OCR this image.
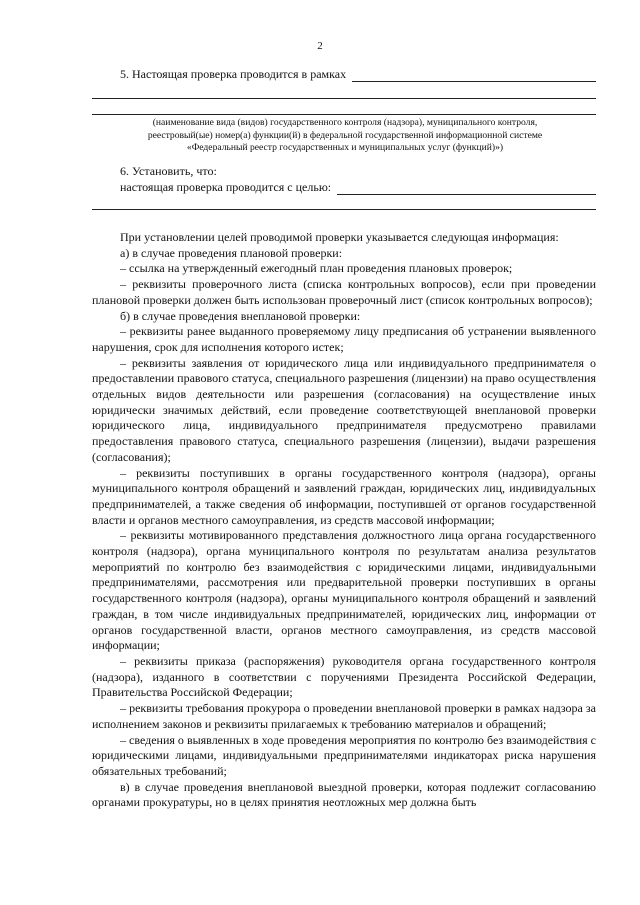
2
5. Настоящая проверка проводится в рамках
(наименование вида (видов) государственного контроля (надзора), муниципального контроля,
реестровый(ые) номер(а) функции(й) в федеральной государственной информационной системе
«Федеральный реестр государственных и муниципальных услуг (функций)»)
6. Установить, что:
настоящая проверка проводится с целью:

При установлении целей проводимой проверки указывается следующая информация:

а) в случае проведения плановой проверки:

– ссылка на утвержденный ежегодный план проведения плановых проверок;

– реквизиты проверочного листа (списка контрольных вопросов), если при проведении плановой проверки должен быть использован проверочный лист (список контрольных вопросов);

б) в случае проведения внеплановой проверки:

– реквизиты ранее выданного проверяемому лицу предписания об устранении выявленного нарушения, срок для исполнения которого истек;

– реквизиты заявления от юридического лица или индивидуального предпринимателя о предоставлении правового статуса, специального разрешения (лицензии) на право осуществления отдельных видов деятельности или разрешения (согласования) на осуществление иных юридически значимых действий, если проведение соответствующей внеплановой проверки юридического лица, индивидуального предпринимателя предусмотрено правилами предоставления правового статуса, специального разрешения (лицензии), выдачи разрешения (согласования);

– реквизиты поступивших в органы государственного контроля (надзора), органы муниципального контроля обращений и заявлений граждан, юридических лиц, индивидуальных предпринимателей, а также сведения об информации, поступившей от органов государственной власти и органов местного самоуправления, из средств массовой информации;

– реквизиты мотивированного представления должностного лица органа государственного контроля (надзора), органа муниципального контроля по результатам анализа результатов мероприятий по контролю без взаимодействия с юридическими лицами, индивидуальными предпринимателями, рассмотрения или предварительной проверки поступивших в органы государственного контроля (надзора), органы муниципального контроля обращений и заявлений граждан, в том числе индивидуальных предпринимателей, юридических лиц, информации от органов государственной власти, органов местного самоуправления, из средств массовой информации;

– реквизиты приказа (распоряжения) руководителя органа государственного контроля (надзора), изданного в соответствии с поручениями Президента Российской Федерации, Правительства Российской Федерации;

– реквизиты требования прокурора о проведении внеплановой проверки в рамках надзора за исполнением законов и реквизиты прилагаемых к требованию материалов и обращений;

– сведения о выявленных в ходе проведения мероприятия по контролю без взаимодействия с юридическими лицами, индивидуальными предпринимателями индикаторах риска нарушения обязательных требований;

в) в случае проведения внеплановой выездной проверки, которая подлежит согласованию органами прокуратуры, но в целях принятия неотложных мер должна быть
